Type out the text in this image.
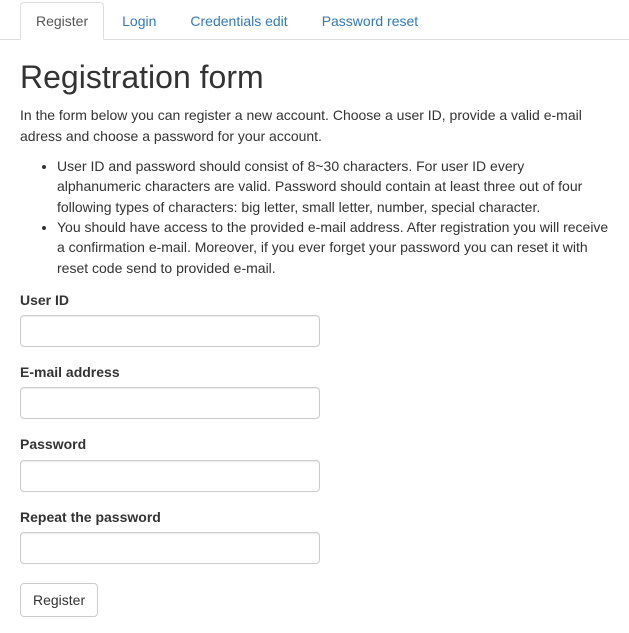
Register	Login	Credentials edit	Password reset
Registration form

In the form below you can register a new account. Choose a user ID, provide a valid e-mail adress and choose a password for your account.

• User ID and password should consist of 8~30 characters. For user ID every alphanumeric characters are valid. Password should contain at least three out of four following types of characters: big letter, small letter, number, special character.
• You should have access to the provided e-mail address. After registration you will receive a confirmation e-mail. Moreover, if you ever forget your password you can reset it with reset code send to provided e-mail.
User ID
E-mail address
Password
Repeat the password
Register
